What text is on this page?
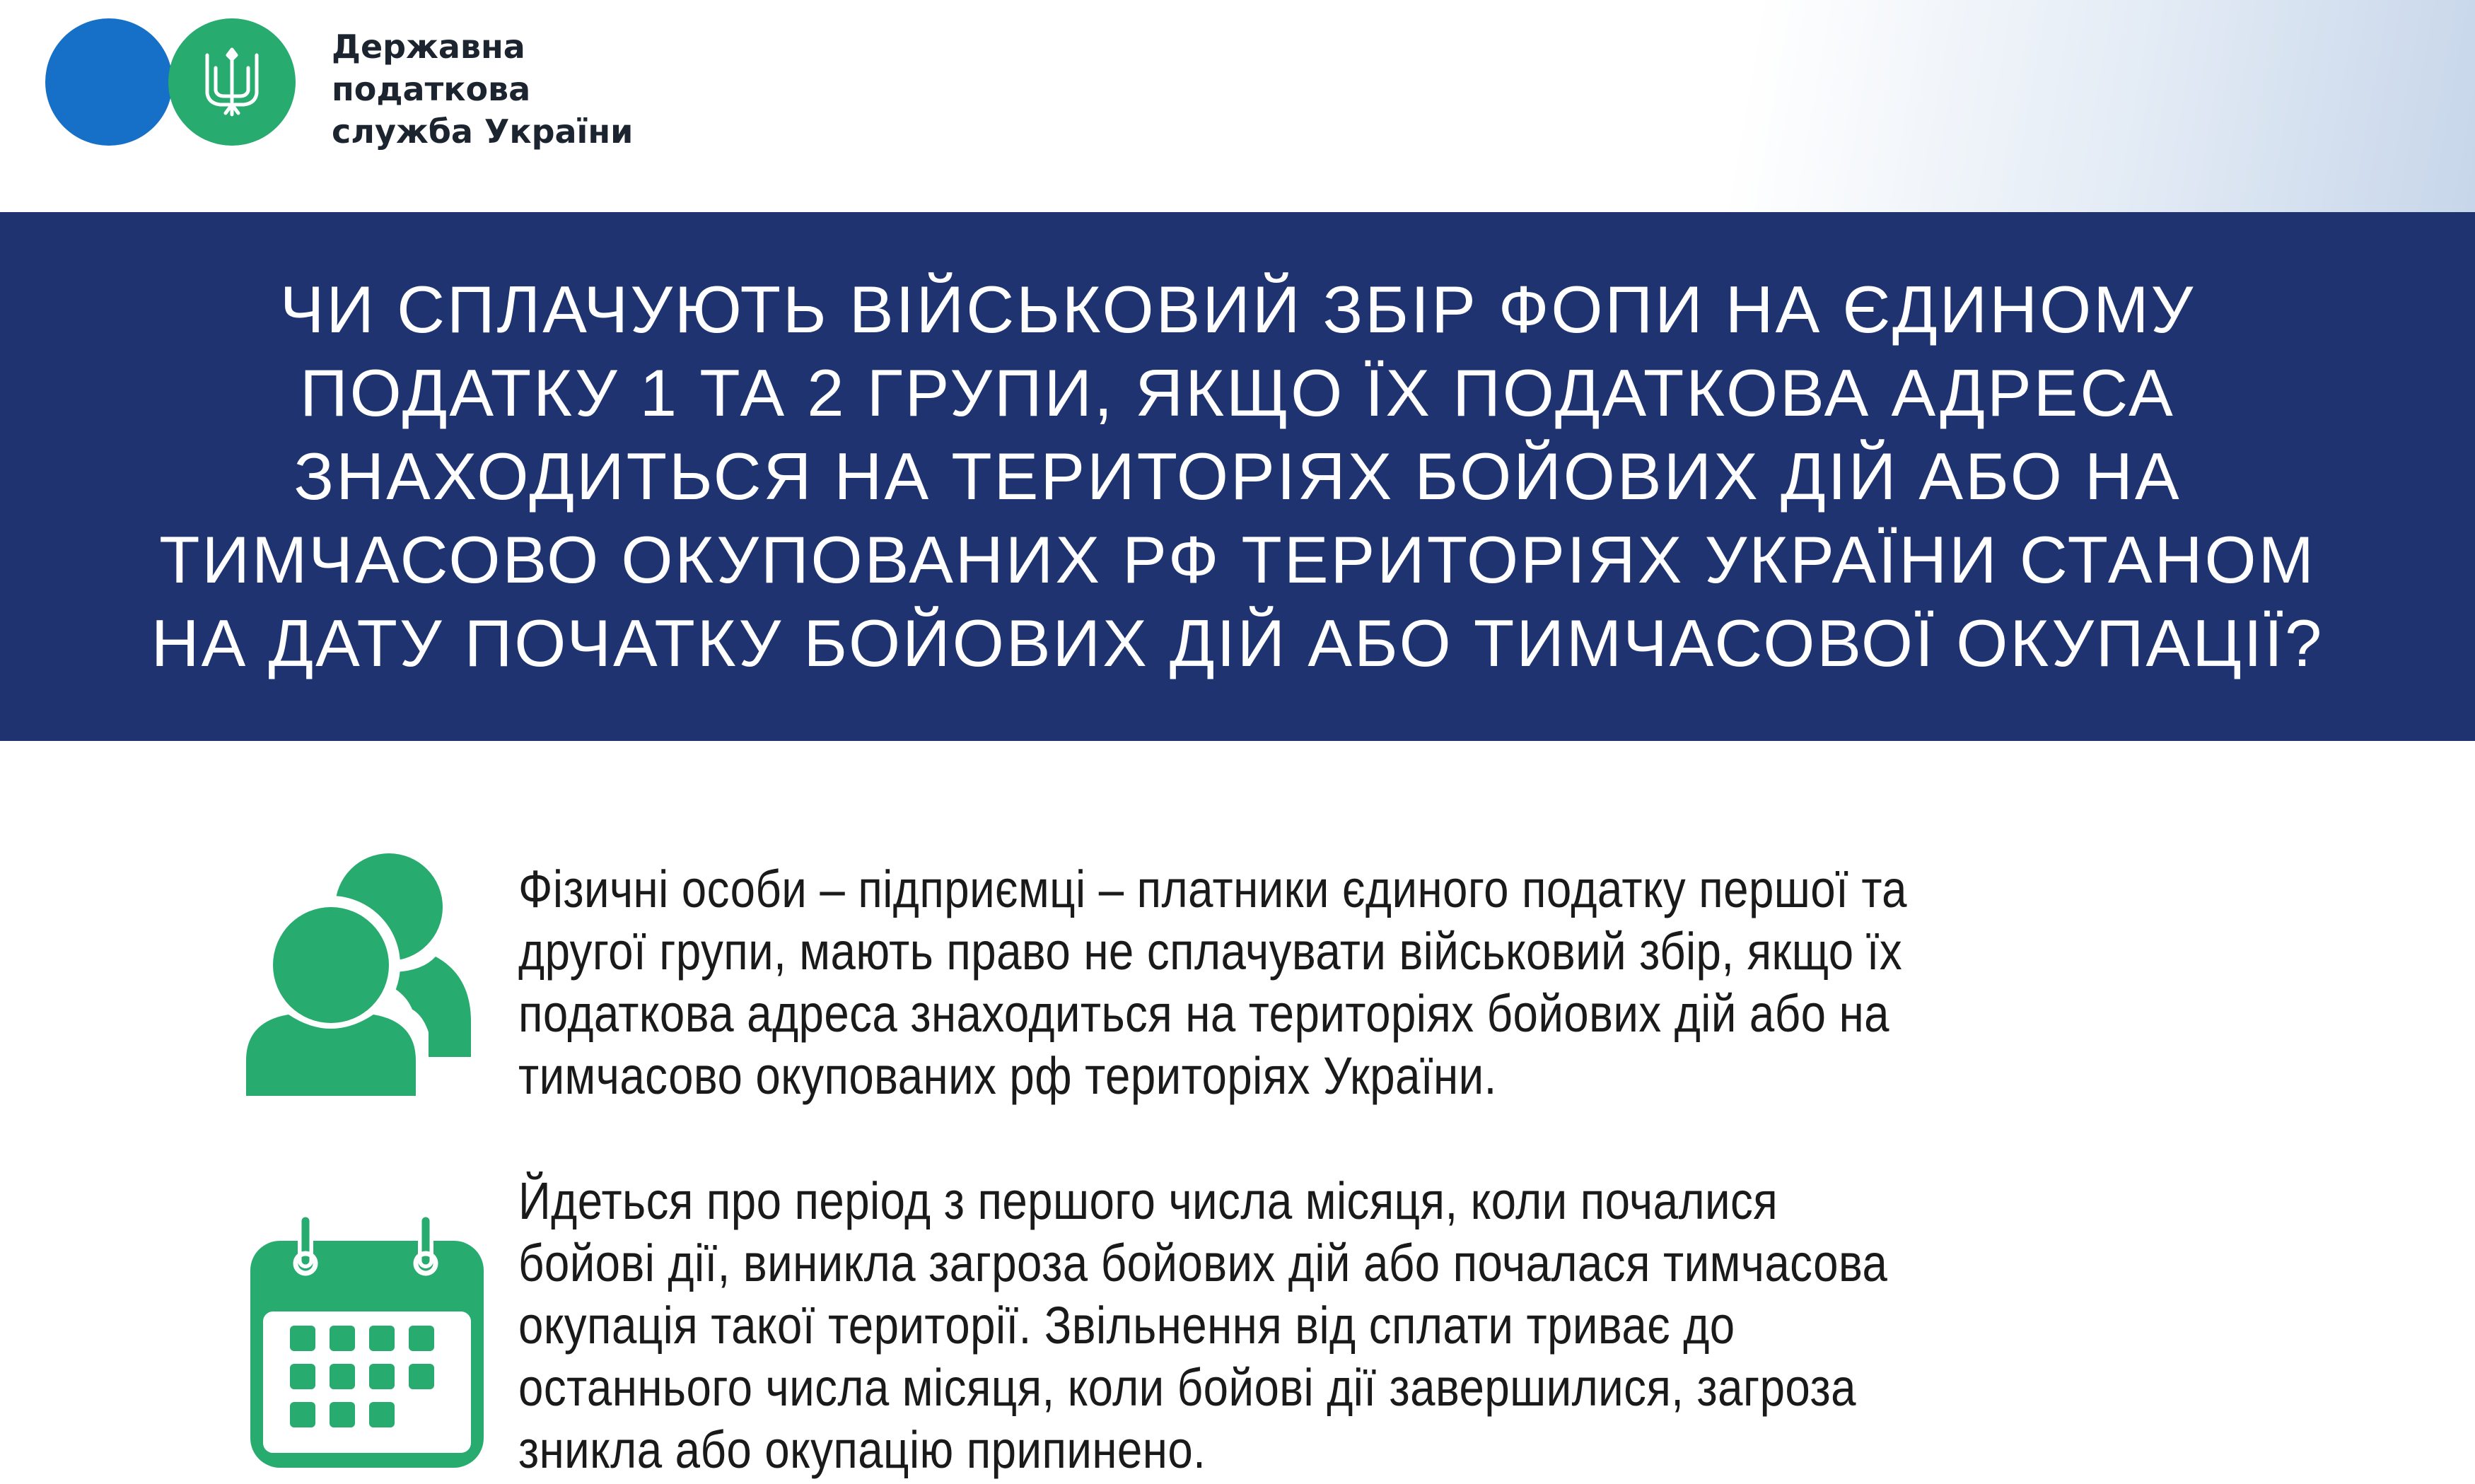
Державна
податкова
служба України

ЧИ СПЛАЧУЮТЬ ВІЙСЬКОВИЙ ЗБІР ФОПИ НА ЄДИНОМУ
ПОДАТКУ 1 ТА 2 ГРУПИ, ЯКЩО ЇХ ПОДАТКОВА АДРЕСА
ЗНАХОДИТЬСЯ НА ТЕРИТОРІЯХ БОЙОВИХ ДІЙ АБО НА
ТИМЧАСОВО ОКУПОВАНИХ РФ ТЕРИТОРІЯХ УКРАЇНИ СТАНОМ
НА ДАТУ ПОЧАТКУ БОЙОВИХ ДІЙ АБО ТИМЧАСОВОЇ ОКУПАЦІЇ?

Фізичні особи – підприємці – платники єдиного податку першої та
другої групи, мають право не сплачувати військовий збір, якщо їх
податкова адреса знаходиться на територіях бойових дій або на
тимчасово окупованих рф територіях України.

Йдеться про період з першого числа місяця, коли почалися
бойові дії, виникла загроза бойових дій або почалася тимчасова
окупація такої території. Звільнення від сплати триває до
останнього числа місяця, коли бойові дії завершилися, загроза
зникла або окупацію припинено.
